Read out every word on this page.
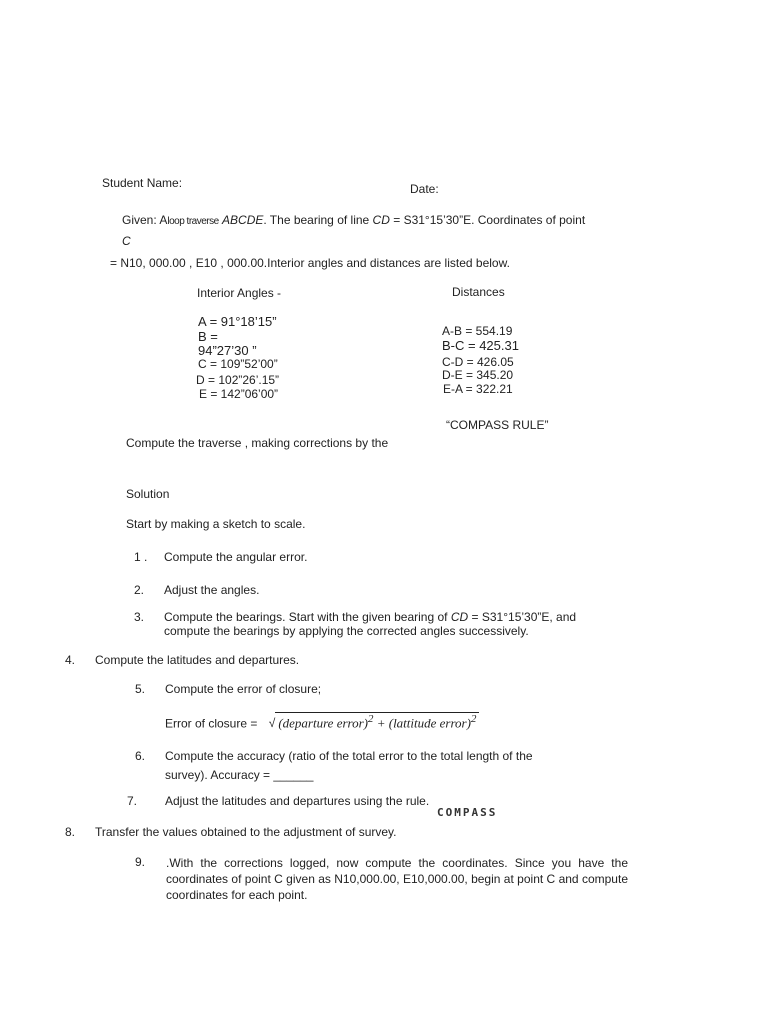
Student Name:	Date:
Given: Aloop traverse ABCDE. The bearing of line CD = S31°15’30”E. Coordinates of point
C
= N10, 000.00 , E10 , 000.00.Interior angles and distances are listed below.
Interior Angles -
A = 91°18’15”
B =
94”27’30 ”
C = 109”52’00”
D = 102”26’.15”
E = 142”06’00”
Distances
A-B = 554.19
B-C = 425.31
C-D = 426.05
D-E = 345.20
E-A = 322.21
“COMPASS RULE”
Compute the traverse , making corrections by the
Solution
Start by making a sketch to scale.
1 . Compute the angular error.
2. Adjust the angles.
3. Compute the bearings. Start with the given bearing of CD = S31°15’30”E, and
compute the bearings by applying the corrected angles successively.
4. Compute the latitudes and departures.
5. Compute the error of closure;
Error of closure = √ (departure error)$^2$ + (lattitude error)$^2$
6. Compute the accuracy (ratio of the total error to the total length of the
survey). Accuracy = ______
7. Adjust the latitudes and departures using the rule.
COMPASS
8. Transfer the values obtained to the adjustment of survey.
9. .With the corrections logged, now compute the coordinates. Since you have the coordinates of point C given as N10,000.00, E10,000.00, begin at point C and compute coordinates for each point.
